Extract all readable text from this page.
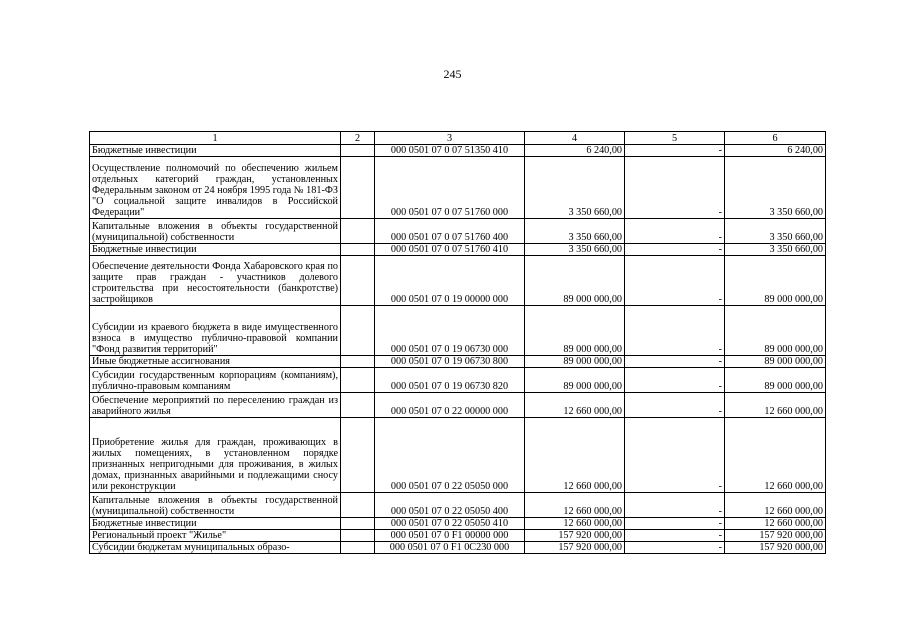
245
1	2	3	4	5	6
Бюджетные инвестиции		000 0501 07 0 07 51350 410	6 240,00	-	6 240,00
Осуществление полномочий по обеспечению жильем отдельных категорий граждан, установленных Федеральным законом от 24 ноября 1995 года № 181-ФЗ "О социальной защите инвалидов в Российской Федерации"		000 0501 07 0 07 51760 000	3 350 660,00	-	3 350 660,00
Капитальные вложения в объекты государственной (муниципальной) собственности		000 0501 07 0 07 51760 400	3 350 660,00	-	3 350 660,00
Бюджетные инвестиции		000 0501 07 0 07 51760 410	3 350 660,00	-	3 350 660,00
Обеспечение деятельности Фонда Хабаровского края по защите прав граждан - участников долевого строительства при несостоятельности (банкротстве) застройщиков		000 0501 07 0 19 00000 000	89 000 000,00	-	89 000 000,00
Субсидии из краевого бюджета в виде имущественного взноса в имущество публично-правовой компании "Фонд развития территорий"		000 0501 07 0 19 06730 000	89 000 000,00	-	89 000 000,00
Иные бюджетные ассигнования		000 0501 07 0 19 06730 800	89 000 000,00	-	89 000 000,00
Субсидии государственным корпорациям (компаниям), публично-правовым компаниям		000 0501 07 0 19 06730 820	89 000 000,00	-	89 000 000,00
Обеспечение мероприятий по переселению граждан из аварийного жилья		000 0501 07 0 22 00000 000	12 660 000,00	-	12 660 000,00
Приобретение жилья для граждан, проживающих в жилых помещениях, в установленном порядке признанных непригодными для проживания, в жилых домах, признанных аварийными и подлежащими сносу или реконструкции		000 0501 07 0 22 05050 000	12 660 000,00	-	12 660 000,00
Капитальные вложения в объекты государственной (муниципальной) собственности		000 0501 07 0 22 05050 400	12 660 000,00	-	12 660 000,00
Бюджетные инвестиции		000 0501 07 0 22 05050 410	12 660 000,00	-	12 660 000,00
Региональный проект "Жилье"		000 0501 07 0 F1 00000 000	157 920 000,00	-	157 920 000,00
Субсидии бюджетам муниципальных образо-		000 0501 07 0 F1 0C230 000	157 920 000,00	-	157 920 000,00
